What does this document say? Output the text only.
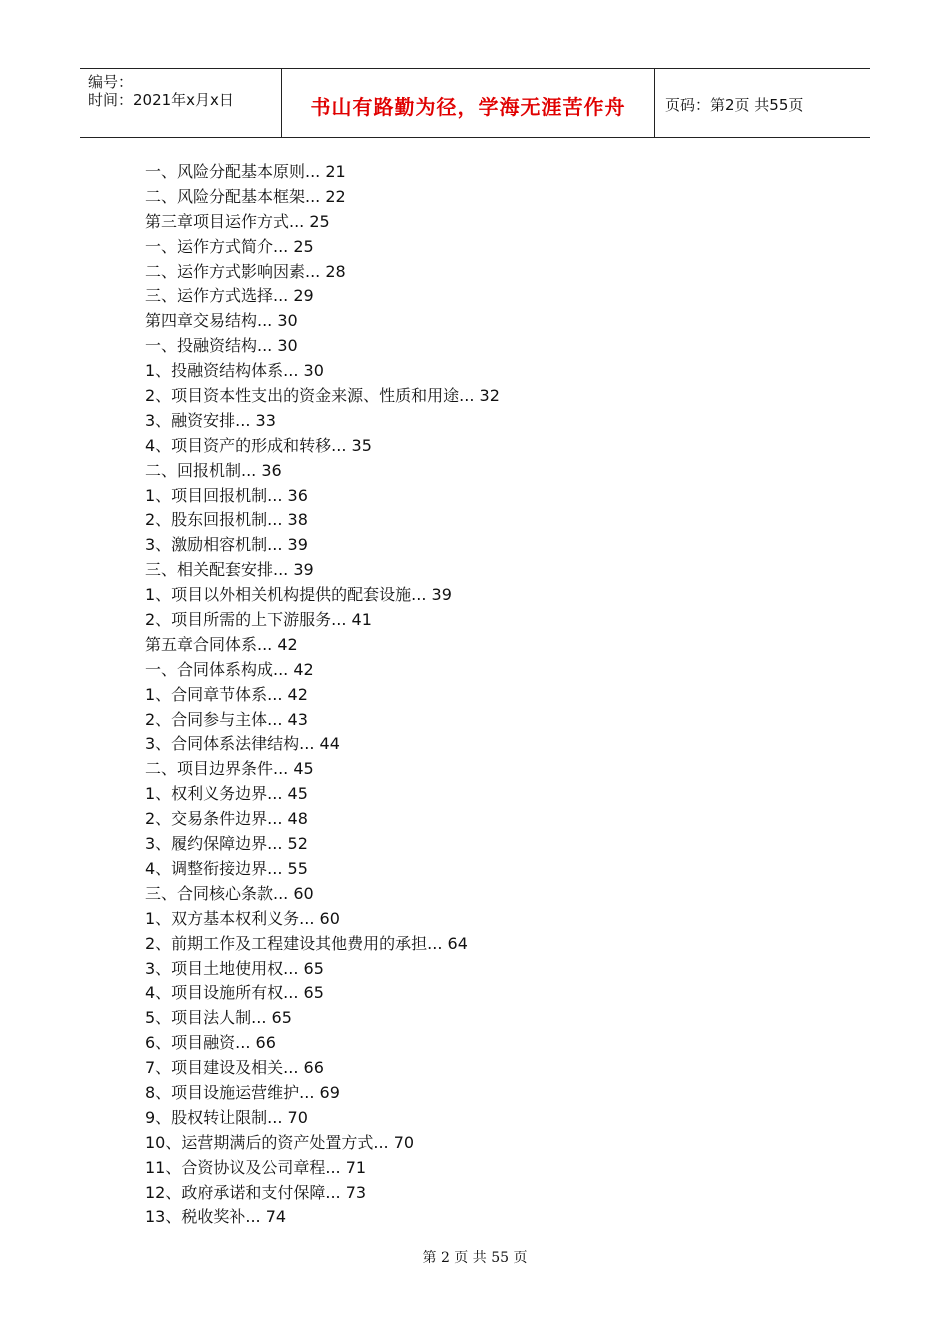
编号：
时间：2021年x月x日	书山有路勤为径，学海无涯苦作舟	页码：第2页 共55页
一、风险分配基本原则... 21
二、风险分配基本框架... 22
第三章项目运作方式... 25
一、运作方式简介... 25
二、运作方式影响因素... 28
三、运作方式选择... 29
第四章交易结构... 30
一、投融资结构... 30
1、投融资结构体系... 30
2、项目资本性支出的资金来源、性质和用途... 32
3、融资安排... 33
4、项目资产的形成和转移... 35
二、回报机制... 36
1、项目回报机制... 36
2、股东回报机制... 38
3、激励相容机制... 39
三、相关配套安排... 39
1、项目以外相关机构提供的配套设施... 39
2、项目所需的上下游服务... 41
第五章合同体系... 42
一、合同体系构成... 42
1、合同章节体系... 42
2、合同参与主体... 43
3、合同体系法律结构... 44
二、项目边界条件... 45
1、权利义务边界... 45
2、交易条件边界... 48
3、履约保障边界... 52
4、调整衔接边界... 55
三、合同核心条款... 60
1、双方基本权利义务... 60
2、前期工作及工程建设其他费用的承担... 64
3、项目土地使用权... 65
4、项目设施所有权... 65
5、项目法人制... 65
6、项目融资... 66
7、项目建设及相关... 66
8、项目设施运营维护... 69
9、股权转让限制... 70
10、运营期满后的资产处置方式... 70
11、合资协议及公司章程... 71
12、政府承诺和支付保障... 73
13、税收奖补... 74
第 2 页 共 55 页
